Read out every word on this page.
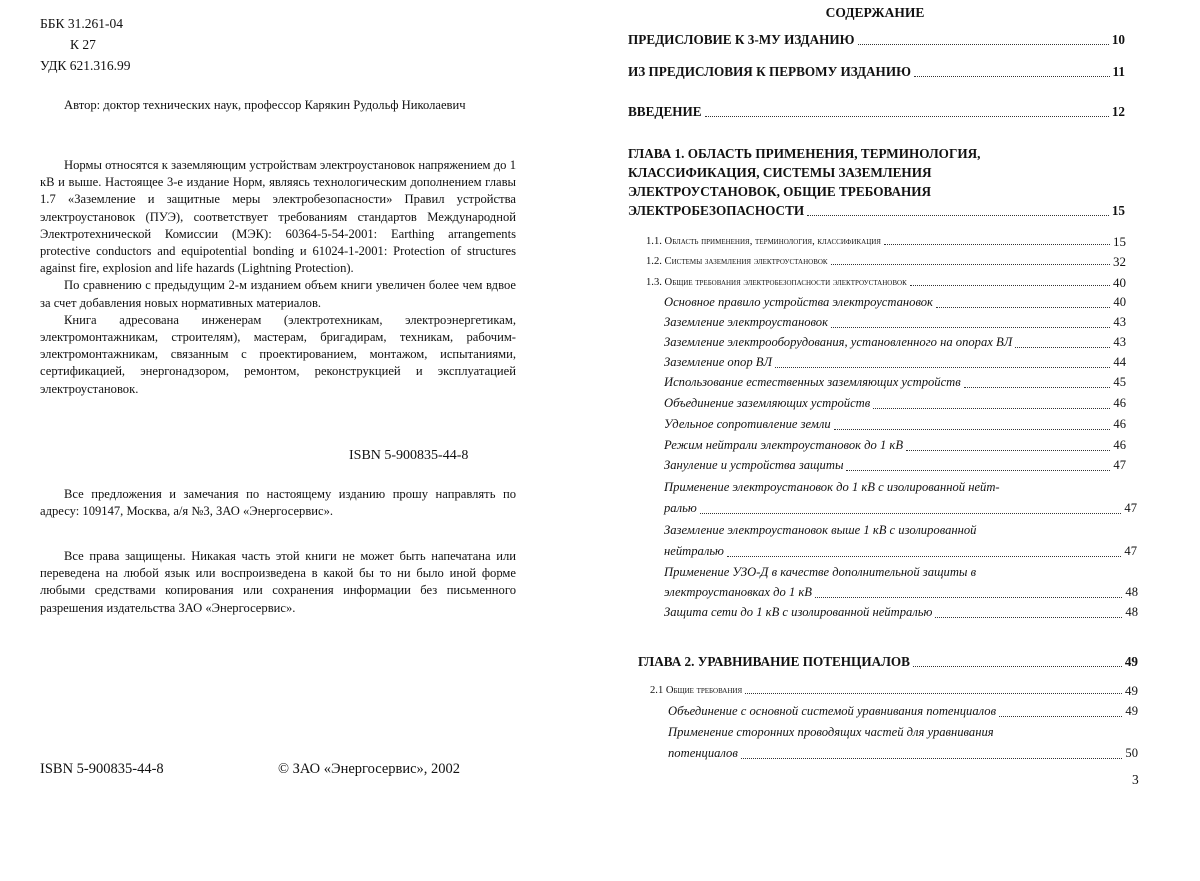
ББК 31.261-04
К 27
УДК 621.316.99

Автор: доктор технических наук, профессор Карякин Рудольф Николаевич

Нормы относятся к заземляющим устройствам электроустановок напряжением до 1 кВ и выше. Настоящее 3-е издание Норм, являясь технологическим дополнением главы 1.7 «Заземление и защитные меры электробезопасности» Правил устройства электроустановок (ПУЭ), соответствует требованиям стандартов Международной Электротехнической Комиссии (МЭК): 60364-5-54-2001: Earthing arrangements protective conductors and equipotential bonding и 61024-1-2001: Protection of structures against fire, explosion and life hazards (Lightning Protection).

По сравнению с предыдущим 2-м изданием объем книги увеличен более чем вдвое за счет добавления новых нормативных материалов.

Книга адресована инженерам (электротехникам, электроэнергетикам, электромонтажникам, строителям), мастерам, бригадирам, техникам, рабочим-электромонтажникам, связанным с проектированием, монтажом, испытаниями, сертификацией, энергонадзором, ремонтом, реконструкцией и эксплуатацией электроустановок.

ISBN 5-900835-44-8

Все предложения и замечания по настоящему изданию прошу направлять по адресу: 109147, Москва, а/я №3, ЗАО «Энергосервис».

Все права защищены. Никакая часть этой книги не может быть напечатана или переведена на любой язык или воспроизведена в какой бы то ни было иной форме любыми средствами копирования или сохранения информации без письменного разрешения издательства ЗАО «Энергосервис».

ISBN 5-900835-44-8	© ЗАО «Энергосервис», 2002
СОДЕРЖАНИЕ
ПРЕДИСЛОВИЕ К 3-МУ ИЗДАНИЮ	10
ИЗ ПРЕДИСЛОВИЯ К ПЕРВОМУ ИЗДАНИЮ	11
ВВЕДЕНИЕ	12
ГЛАВА 1. ОБЛАСТЬ ПРИМЕНЕНИЯ, ТЕРМИНОЛОГИЯ,
КЛАССИФИКАЦИЯ, СИСТЕМЫ ЗАЗЕМЛЕНИЯ
ЭЛЕКТРОУСТАНОВОК, ОБЩИЕ ТРЕБОВАНИЯ
ЭЛЕКТРОБЕЗОПАСНОСТИ	15
1.1. Область применения, терминология, классификация	15
1.2. Системы заземления электроустановок	32
1.3. Общие требования электробезопасности электроустановок	40
Основное правило устройства электроустановок	40
Заземление электроустановок	43
Заземление электрооборудования, установленного на опорах ВЛ	43
Заземление опор ВЛ	44
Использование естественных заземляющих устройств	45
Объединение заземляющих устройств	46
Удельное сопротивление земли	46
Режим нейтрали электроустановок до 1 кВ	46
Зануление и устройства защиты	47
Применение электроустановок до 1 кВ с изолированной нейт-
ралью	47
Заземление электроустановок выше 1 кВ с изолированной
нейтралью	47
Применение УЗО-Д в качестве дополнительной защиты в
электроустановках до 1 кВ	48
Защита сети до 1 кВ с изолированной нейтралью	48
ГЛАВА 2. УРАВНИВАНИЕ ПОТЕНЦИАЛОВ	49
2.1 Общие требования	49
Объединение с основной системой уравнивания потенциалов	49
Применение сторонних проводящих частей для уравнивания
потенциалов	50
3
